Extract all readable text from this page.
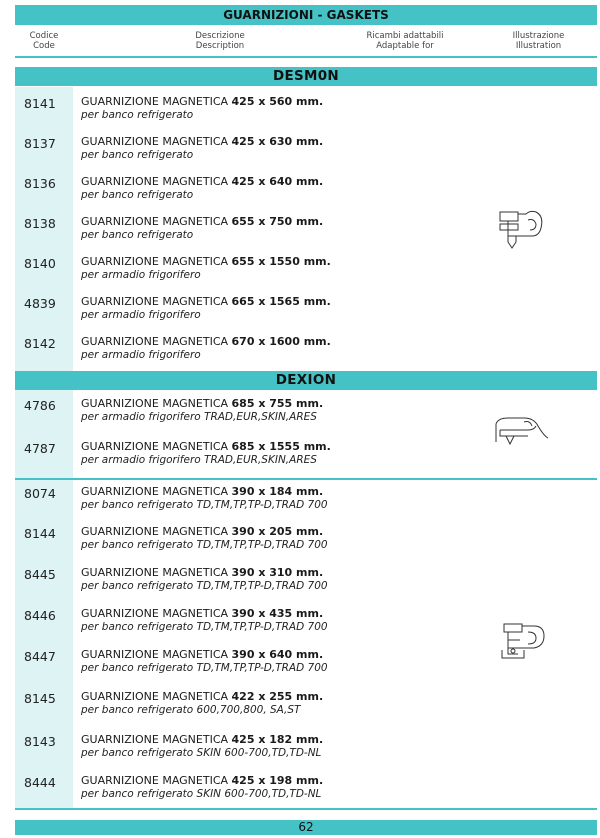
GUARNIZIONI - GASKETS
Codice
Code
Descrizione
Description
Ricambi adattabili
Adaptable for
Illustrazione
Illustration
DESM0N
DEXION
8141 GUARNIZIONE MAGNETICA 425 x 560 mm.
per banco refrigerato
8137 GUARNIZIONE MAGNETICA 425 x 630 mm.
per banco refrigerato
8136 GUARNIZIONE MAGNETICA 425 x 640 mm.
per banco refrigerato
8138 GUARNIZIONE MAGNETICA 655 x 750 mm.
per banco refrigerato
8140 GUARNIZIONE MAGNETICA 655 x 1550 mm.
per armadio frigorifero
4839 GUARNIZIONE MAGNETICA 665 x 1565 mm.
per armadio frigorifero
8142 GUARNIZIONE MAGNETICA 670 x 1600 mm.
per armadio frigorifero
4786 GUARNIZIONE MAGNETICA 685 x 755 mm.
per armadio frigorifero TRAD,EUR,SKIN,ARES
4787 GUARNIZIONE MAGNETICA 685 x 1555 mm.
per armadio frigorifero TRAD,EUR,SKIN,ARES
8074 GUARNIZIONE MAGNETICA 390 x 184 mm.
per banco refrigerato TD,TM,TP,TP-D,TRAD 700
8144 GUARNIZIONE MAGNETICA 390 x 205 mm.
per banco refrigerato TD,TM,TP,TP-D,TRAD 700
8445 GUARNIZIONE MAGNETICA 390 x 310 mm.
per banco refrigerato TD,TM,TP,TP-D,TRAD 700
8446 GUARNIZIONE MAGNETICA 390 x 435 mm.
per banco refrigerato TD,TM,TP,TP-D,TRAD 700
8447 GUARNIZIONE MAGNETICA 390 x 640 mm.
per banco refrigerato TD,TM,TP,TP-D,TRAD 700
8145 GUARNIZIONE MAGNETICA 422 x 255 mm.
per banco refrigerato 600,700,800, SA,ST
8143 GUARNIZIONE MAGNETICA 425 x 182 mm.
per banco refrigerato SKIN 600-700,TD,TD-NL
8444 GUARNIZIONE MAGNETICA 425 x 198 mm.
per banco refrigerato SKIN 600-700,TD,TD-NL
62
